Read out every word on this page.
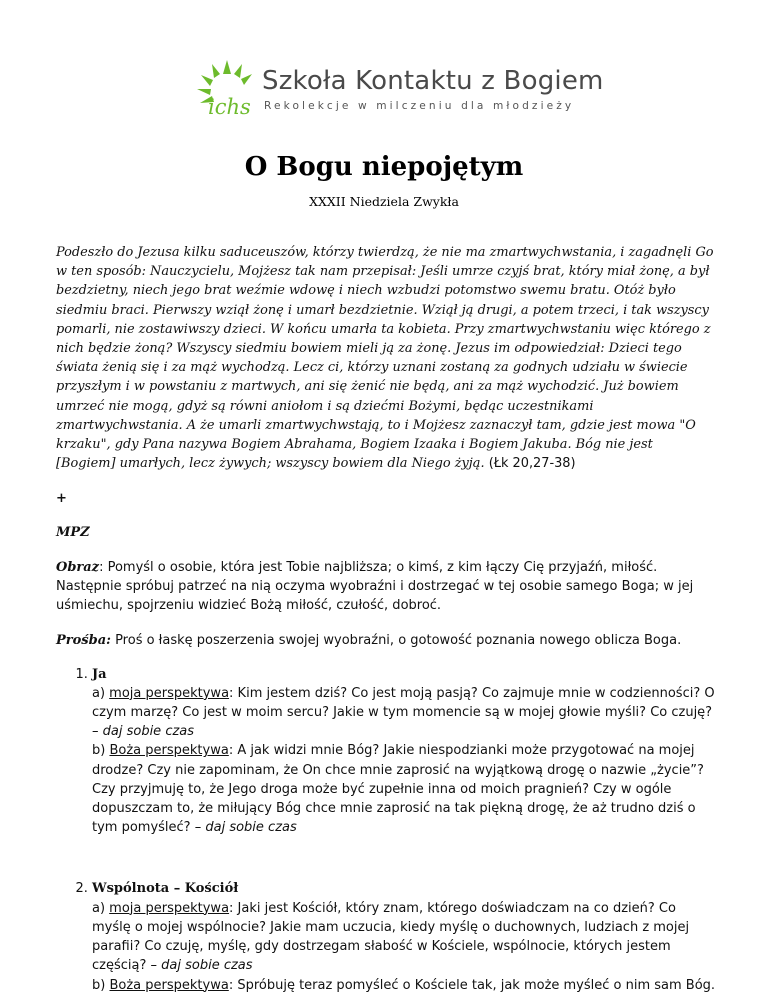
ichs
Szkoła Kontaktu z Bogiem
Rekolekcje w milczeniu dla młodzieży
O Bogu niepojętym
XXXII Niedziela Zwykła

Podeszło do Jezusa kilku saduceuszów, którzy twierdzą, że nie ma zmartwychwstania, i zagadnęli Go w ten sposób: Nauczycielu, Mojżesz tak nam przepisał: Jeśli umrze czyjś brat, który miał żonę, a był bezdzietny, niech jego brat weźmie wdowę i niech wzbudzi potomstwo swemu bratu. Otóż było siedmiu braci. Pierwszy wziął żonę i umarł bezdzietnie. Wziął ją drugi, a potem trzeci, i tak wszyscy pomarli, nie zostawiwszy dzieci. W końcu umarła ta kobieta. Przy zmartwychwstaniu więc którego z nich będzie żoną? Wszyscy siedmiu bowiem mieli ją za żonę. Jezus im odpowiedział: Dzieci tego świata żenią się i za mąż wychodzą. Lecz ci, którzy uznani zostaną za godnych udziału w świecie przyszłym i w powstaniu z martwych, ani się żenić nie będą, ani za mąż wychodzić. Już bowiem umrzeć nie mogą, gdyż są równi aniołom i są dziećmi Bożymi, będąc uczestnikami zmartwychwstania. A że umarli zmartwychwstają, to i Mojżesz zaznaczył tam, gdzie jest mowa "O krzaku", gdy Pana nazywa Bogiem Abrahama, Bogiem Izaaka i Bogiem Jakuba. Bóg nie jest [Bogiem] umarłych, lecz żywych; wszyscy bowiem dla Niego żyją. (Łk 20,27-38)

+

MPZ

Obraz: Pomyśl o osobie, która jest Tobie najbliższa; o kimś, z kim łączy Cię przyjaźń, miłość. Następnie spróbuj patrzeć na nią oczyma wyobraźni i dostrzegać w tej osobie samego Boga; w jej uśmiechu, spojrzeniu widzieć Bożą miłość, czułość, dobroć.

Prośba: Proś o łaskę poszerzenia swojej wyobraźni, o gotowość poznania nowego oblicza Boga.

1. Ja
a) moja perspektywa: Kim jestem dziś? Co jest moją pasją? Co zajmuje mnie w codzienności? O czym marzę? Co jest w moim sercu? Jakie w tym momencie są w mojej głowie myśli? Co czuję?
– daj sobie czas
b) Boża perspektywa: A jak widzi mnie Bóg? Jakie niespodzianki może przygotować na mojej drodze? Czy nie zapominam, że On chce mnie zaprosić na wyjątkową drogę o nazwie „życie”? Czy przyjmuję to, że Jego droga może być zupełnie inna od moich pragnień? Czy w ogóle dopuszczam to, że miłujący Bóg chce mnie zaprosić na tak piękną drogę, że aż trudno dziś o tym pomyśleć? – daj sobie czas
2. Wspólnota – Kościół
a) moja perspektywa: Jaki jest Kościół, który znam, którego doświadczam na co dzień? Co myślę o mojej wspólnocie? Jakie mam uczucia, kiedy myślę o duchownych, ludziach z mojej parafii? Co czuję, myślę, gdy dostrzegam słabość w Kościele, wspólnocie, których jestem częścią? – daj sobie czas
b) Boża perspektywa: Spróbuję teraz pomyśleć o Kościele tak, jak może myśleć o nim sam Bóg.
